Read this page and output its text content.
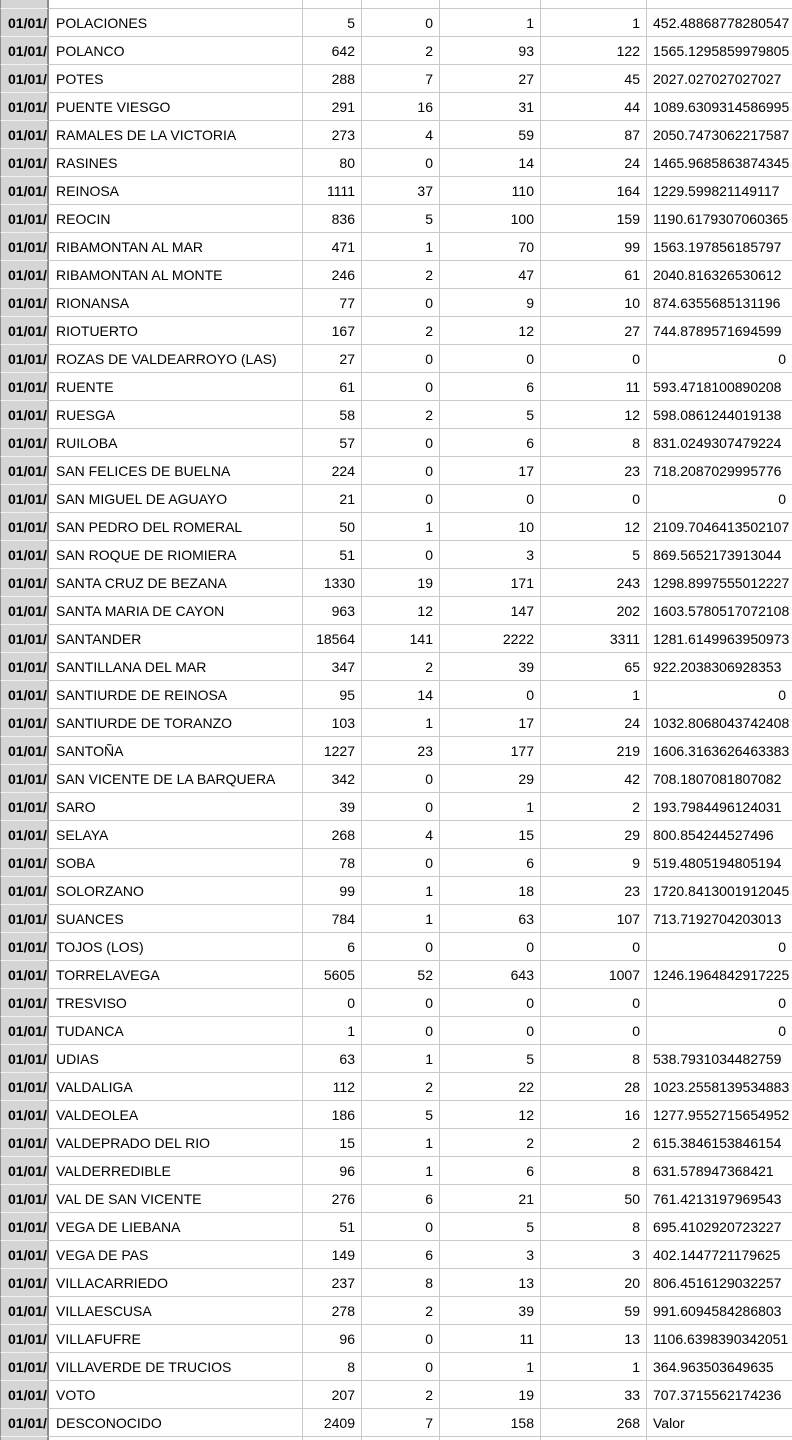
01/01/	POLACIONES	5	0	1	1	452.48868778280547
01/01/	POLANCO	642	2	93	122	1565.1295859979805
01/01/	POTES	288	7	27	45	2027.027027027027
01/01/	PUENTE VIESGO	291	16	31	44	1089.6309314586995
01/01/	RAMALES DE LA VICTORIA	273	4	59	87	2050.7473062217587
01/01/	RASINES	80	0	14	24	1465.9685863874345
01/01/	REINOSA	1111	37	110	164	1229.599821149117
01/01/	REOCIN	836	5	100	159	1190.6179307060365
01/01/	RIBAMONTAN AL MAR	471	1	70	99	1563.197856185797
01/01/	RIBAMONTAN AL MONTE	246	2	47	61	2040.816326530612
01/01/	RIONANSA	77	0	9	10	874.6355685131196
01/01/	RIOTUERTO	167	2	12	27	744.8789571694599
01/01/	ROZAS DE VALDEARROYO (LAS)	27	0	0	0	0
01/01/	RUENTE	61	0	6	11	593.4718100890208
01/01/	RUESGA	58	2	5	12	598.0861244019138
01/01/	RUILOBA	57	0	6	8	831.0249307479224
01/01/	SAN FELICES DE BUELNA	224	0	17	23	718.2087029995776
01/01/	SAN MIGUEL DE AGUAYO	21	0	0	0	0
01/01/	SAN PEDRO DEL ROMERAL	50	1	10	12	2109.7046413502107
01/01/	SAN ROQUE DE RIOMIERA	51	0	3	5	869.5652173913044
01/01/	SANTA CRUZ DE BEZANA	1330	19	171	243	1298.8997555012227
01/01/	SANTA MARIA DE CAYON	963	12	147	202	1603.5780517072108
01/01/	SANTANDER	18564	141	2222	3311	1281.6149963950973
01/01/	SANTILLANA DEL MAR	347	2	39	65	922.2038306928353
01/01/	SANTIURDE DE REINOSA	95	14	0	1	0
01/01/	SANTIURDE DE TORANZO	103	1	17	24	1032.8068043742408
01/01/	SANTOÑA	1227	23	177	219	1606.3163626463383
01/01/	SAN VICENTE DE LA BARQUERA	342	0	29	42	708.1807081807082
01/01/	SARO	39	0	1	2	193.7984496124031
01/01/	SELAYA	268	4	15	29	800.854244527496
01/01/	SOBA	78	0	6	9	519.4805194805194
01/01/	SOLORZANO	99	1	18	23	1720.8413001912045
01/01/	SUANCES	784	1	63	107	713.7192704203013
01/01/	TOJOS (LOS)	6	0	0	0	0
01/01/	TORRELAVEGA	5605	52	643	1007	1246.1964842917225
01/01/	TRESVISO	0	0	0	0	0
01/01/	TUDANCA	1	0	0	0	0
01/01/	UDIAS	63	1	5	8	538.7931034482759
01/01/	VALDALIGA	112	2	22	28	1023.2558139534883
01/01/	VALDEOLEA	186	5	12	16	1277.9552715654952
01/01/	VALDEPRADO DEL RIO	15	1	2	2	615.3846153846154
01/01/	VALDERREDIBLE	96	1	6	8	631.578947368421
01/01/	VAL DE SAN VICENTE	276	6	21	50	761.4213197969543
01/01/	VEGA DE LIEBANA	51	0	5	8	695.4102920723227
01/01/	VEGA DE PAS	149	6	3	3	402.1447721179625
01/01/	VILLACARRIEDO	237	8	13	20	806.4516129032257
01/01/	VILLAESCUSA	278	2	39	59	991.6094584286803
01/01/	VILLAFUFRE	96	0	11	13	1106.6398390342051
01/01/	VILLAVERDE DE TRUCIOS	8	0	1	1	364.963503649635
01/01/	VOTO	207	2	19	33	707.3715562174236
01/01/	DESCONOCIDO	2409	7	158	268	Valor
